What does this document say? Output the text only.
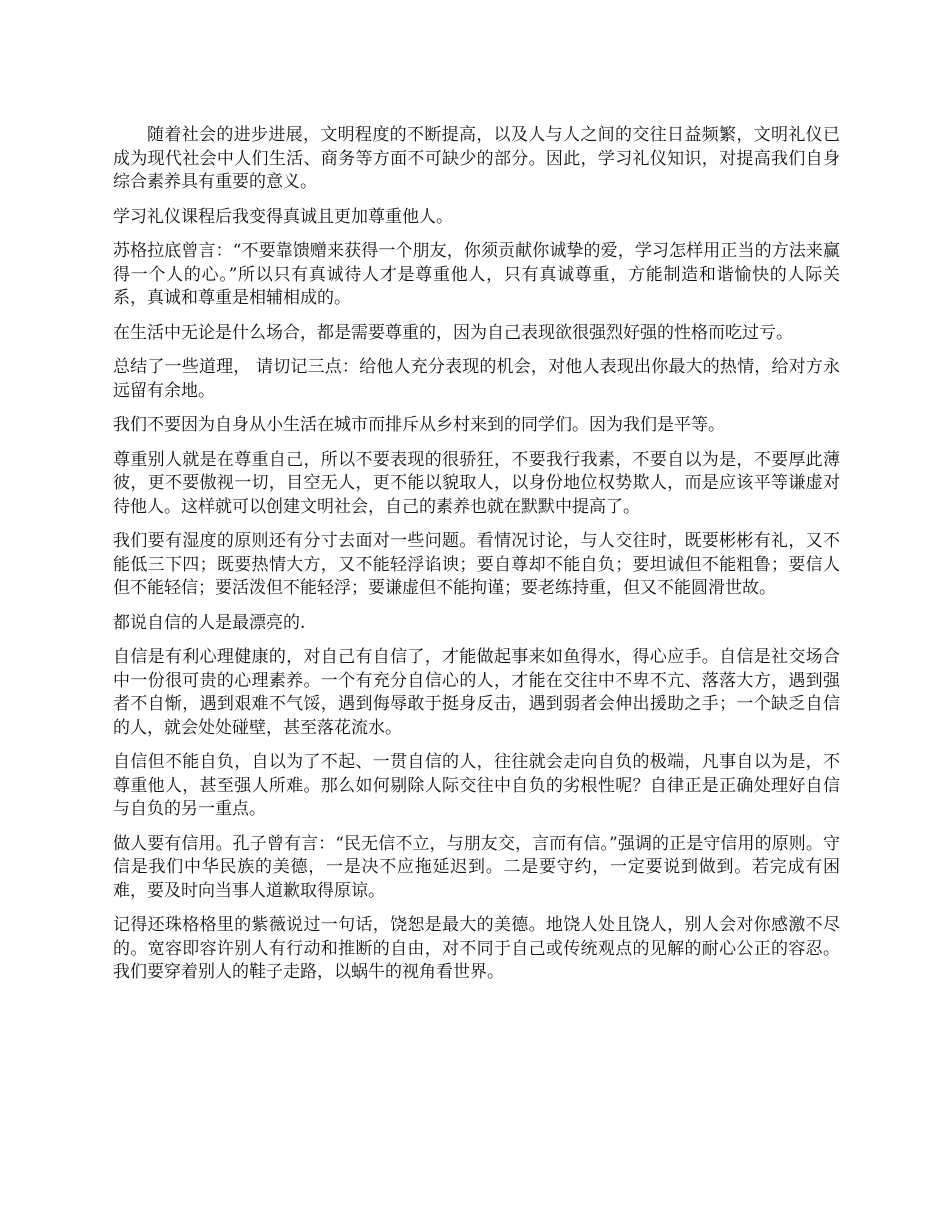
随着社会的进步进展，文明程度的不断提高，以及人与人之间的交往日益频繁，文明礼仪已成为现代社会中人们生活、商务等方面不可缺少的部分。因此，学习礼仪知识，对提高我们自身综合素养具有重要的意义。

学习礼仪课程后我变得真诚且更加尊重他人。

苏格拉底曾言：“不要靠馈赠来获得一个朋友，你须贡献你诚挚的爱，学习怎样用正当的方法来赢得一个人的心。”所以只有真诚待人才是尊重他人，只有真诚尊重，方能制造和谐愉快的人际关系，真诚和尊重是相辅相成的。

在生活中无论是什么场合，都是需要尊重的，因为自己表现欲很强烈好强的性格而吃过亏。

总结了一些道理， 请切记三点：给他人充分表现的机会，对他人表现出你最大的热情，给对方永远留有余地。

我们不要因为自身从小生活在城市而排斥从乡村来到的同学们。因为我们是平等。

尊重别人就是在尊重自己，所以不要表现的很骄狂，不要我行我素，不要自以为是，不要厚此薄彼，更不要傲视一切，目空无人，更不能以貌取人，以身份地位权势欺人，而是应该平等谦虚对待他人。这样就可以创建文明社会，自己的素养也就在默默中提高了。

我们要有湿度的原则还有分寸去面对一些问题。看情况讨论，与人交往时，既要彬彬有礼，又不能低三下四；既要热情大方，又不能轻浮谄谀；要自尊却不能自负；要坦诚但不能粗鲁；要信人但不能轻信；要活泼但不能轻浮；要谦虚但不能拘谨；要老练持重，但又不能圆滑世故。

都说自信的人是最漂亮的.

自信是有利心理健康的，对自己有自信了，才能做起事来如鱼得水，得心应手。自信是社交场合中一份很可贵的心理素养。一个有充分自信心的人，才能在交往中不卑不亢、落落大方，遇到强者不自惭，遇到艰难不气馁，遇到侮辱敢于挺身反击，遇到弱者会伸出援助之手；一个缺乏自信的人，就会处处碰壁，甚至落花流水。

自信但不能自负，自以为了不起、一贯自信的人，往往就会走向自负的极端，凡事自以为是，不尊重他人，甚至强人所难。那么如何剔除人际交往中自负的劣根性呢？自律正是正确处理好自信与自负的另一重点。

做人要有信用。孔子曾有言：“民无信不立，与朋友交，言而有信。”强调的正是守信用的原则。守信是我们中华民族的美德，一是决不应拖延迟到。二是要守约，一定要说到做到。若完成有困难，要及时向当事人道歉取得原谅。

记得还珠格格里的紫薇说过一句话，饶恕是最大的美德。地饶人处且饶人，别人会对你感激不尽的。宽容即容许别人有行动和推断的自由，对不同于自己或传统观点的见解的耐心公正的容忍。我们要穿着别人的鞋子走路，以蜗牛的视角看世界。
